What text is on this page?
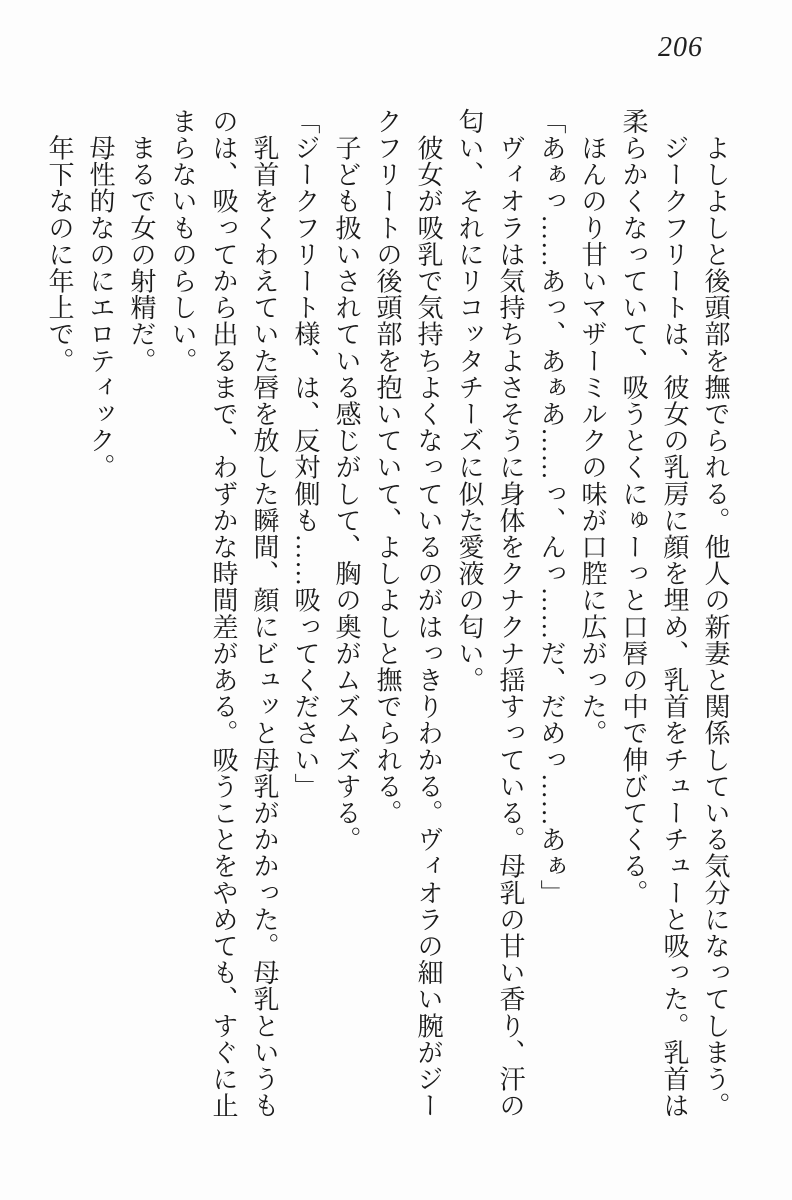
206

　よしよしと後頭部を撫でられる。他人の新妻と関係している気分になってしまう。

　ジークフリートは、彼女の乳房に顔を埋め、乳首をチューチューと吸った。乳首は

柔らかくなっていて、吸うとくにゅーっと口唇の中で伸びてくる。

　ほんのり甘いマザーミルクの味が口腔に広がった。

「あぁっ……あっ、あぁあ……っ、んっ……だ、だめっ……あぁ」

　ヴィオラは気持ちよさそうに身体をクナクナ揺すっている。母乳の甘い香り、汗の

匂い、それにリコッタチーズに似た愛液の匂い。

　彼女が吸乳で気持ちよくなっているのがはっきりわかる。ヴィオラの細い腕がジー

クフリートの後頭部を抱いていて、よしよしと撫でられる。

　子ども扱いされている感じがして、胸の奥がムズムズする。

「ジークフリート様、は、反対側も……吸ってください」

　乳首をくわえていた唇を放した瞬間、顔にビュッと母乳がかかった。母乳というも

のは、吸ってから出るまで、わずかな時間差がある。吸うことをやめても、すぐに止

まらないものらしい。

　まるで女の射精だ。

　母性的なのにエロティック。

　年下なのに年上で。
